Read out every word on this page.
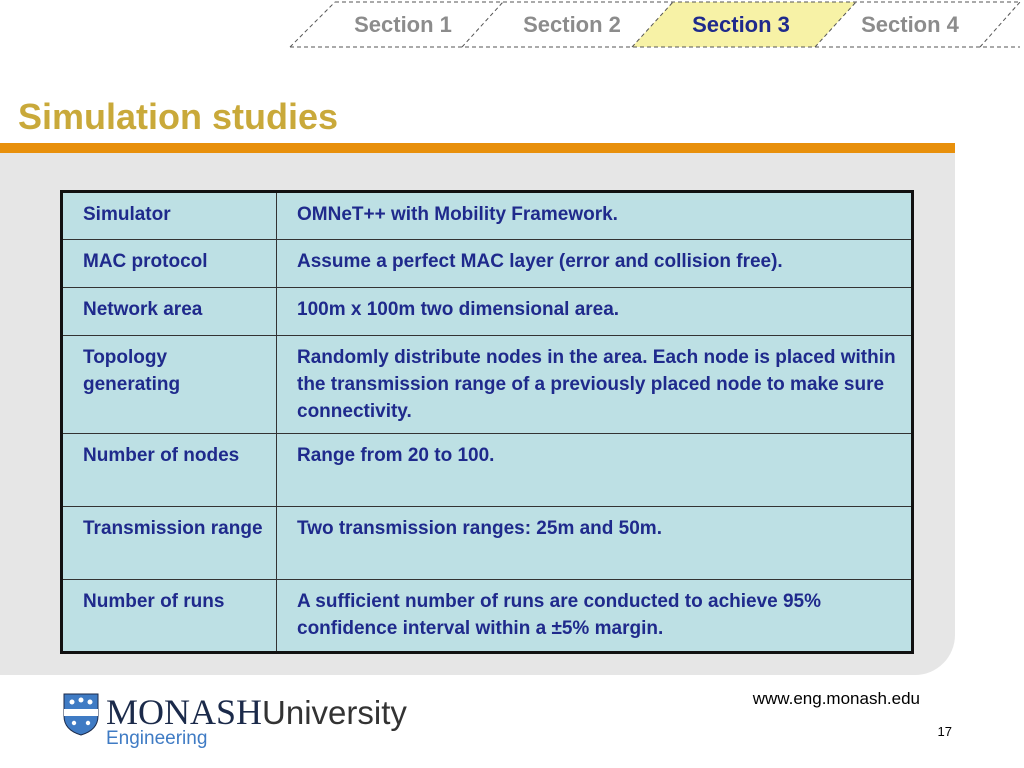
Section 1	Section 2	Section 3	Section 4
Simulation studies
Simulator	OMNeT++ with Mobility Framework.
MAC protocol	Assume a perfect MAC layer (error and collision free).
Network area	100m x 100m two dimensional area.
Topology generating	Randomly distribute nodes in the area. Each node is placed within the transmission range of a previously placed node to make sure connectivity.
Number of nodes	Range from 20 to 100.
Transmission range	Two transmission ranges: 25m and 50m.
Number of runs	A sufficient number of runs are conducted to achieve 95% confidence interval within a ±5% margin.
MONASHUniversity
Engineering
www.eng.monash.edu
17
